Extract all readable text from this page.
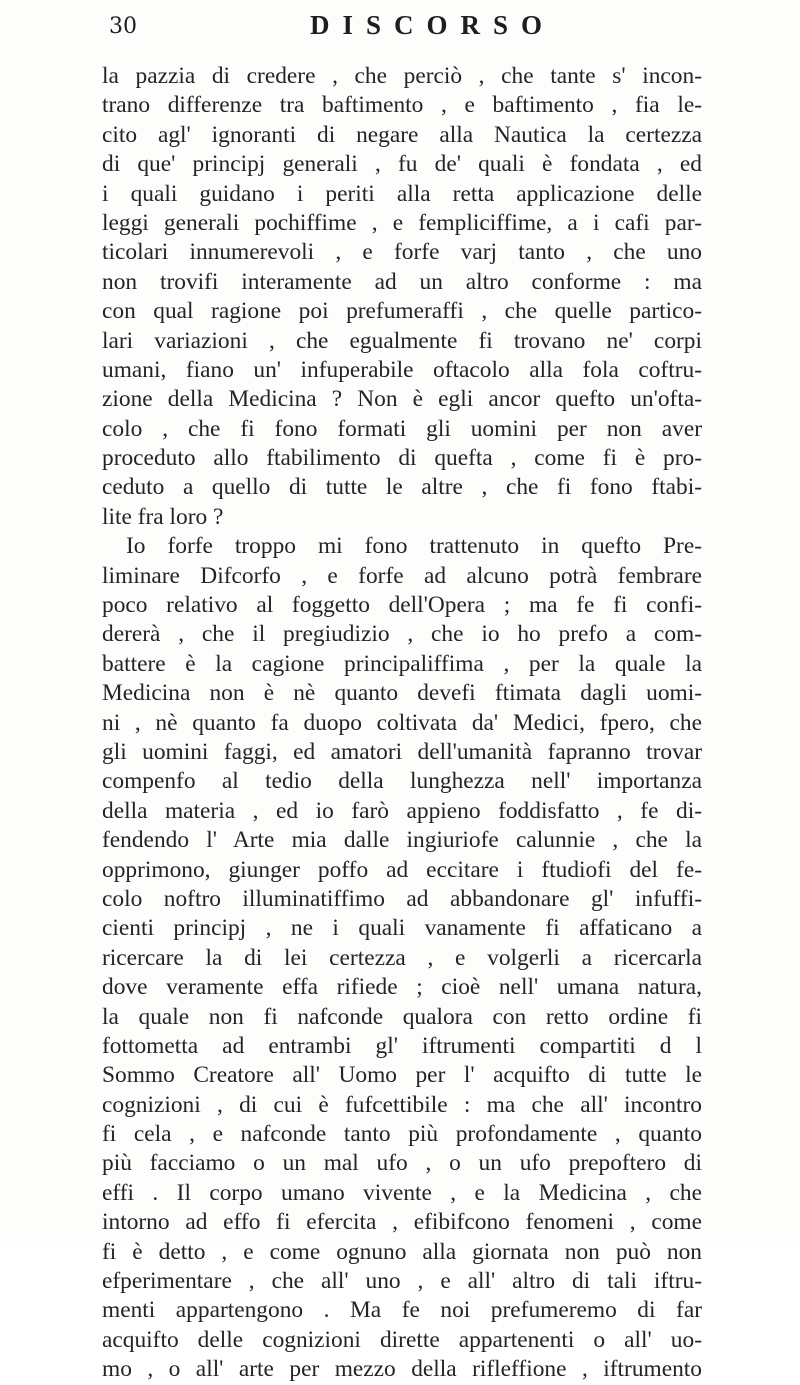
30	DISCORSO
la pazzia di credere , che perciò , che tante s' incon-
trano differenze tra baftimento , e baftimento , fia le-
cito agl' ignoranti di negare alla Nautica la certezza
di que' principj generali , fu de' quali è fondata , ed
i quali guidano i periti alla retta applicazione delle
leggi generali pochiffime , e fempliciffime, a i cafi par-
ticolari innumerevoli , e forfe varj tanto , che uno
non trovifi interamente ad un altro conforme : ma
con qual ragione poi prefumeraffi , che quelle partico-
lari variazioni , che egualmente fi trovano ne' corpi
umani, fiano un' infuperabile oftacolo alla fola coftru-
zione della Medicina ? Non è egli ancor quefto un'ofta-
colo , che fi fono formati gli uomini per non aver
proceduto allo ftabilimento di quefta , come fi è pro-
ceduto a quello di tutte le altre , che fi fono ftabi-
lite fra loro ?
Io forfe troppo mi fono trattenuto in quefto Pre-
liminare Difcorfo , e forfe ad alcuno potrà fembrare
poco relativo al foggetto dell'Opera ; ma fe fi confi-
dererà , che il pregiudizio , che io ho prefo a com-
battere è la cagione principaliffima , per la quale la
Medicina non è nè quanto devefi ftimata dagli uomi-
ni , nè quanto fa duopo coltivata da' Medici, fpero, che
gli uomini faggi, ed amatori dell'umanità fapranno trovar
compenfo al tedio della lunghezza nell' importanza
della materia , ed io farò appieno foddisfatto , fe di-
fendendo l' Arte mia dalle ingiuriofe calunnie , che la
opprimono, giunger poffo ad eccitare i ftudiofi del fe-
colo noftro illuminatiffimo ad abbandonare gl' infuffi-
cienti principj , ne i quali vanamente fi affaticano a
ricercare la di lei certezza , e volgerli a ricercarla
dove veramente effa rifiede ; cioè nell' umana natura,
la quale non fi nafconde qualora con retto ordine fi
fottometta ad entrambi gl' iftrumenti compartiti d l
Sommo Creatore all' Uomo per l' acquifto di tutte le
cognizioni , di cui è fufcettibile : ma che all' incontro
fi cela , e nafconde tanto più profondamente , quanto
più facciamo o un mal ufo , o un ufo prepoftero di
effi . Il corpo umano vivente , e la Medicina , che
intorno ad effo fi efercita , efibifcono fenomeni , come
fi è detto , e come ognuno alla giornata non può non
efperimentare , che all' uno , e all' altro di tali iftru-
menti appartengono . Ma fe noi prefumeremo di far
acquifto delle cognizioni dirette appartenenti o all' uo-
mo , o all' arte per mezzo della rifleffione , iftrumento
